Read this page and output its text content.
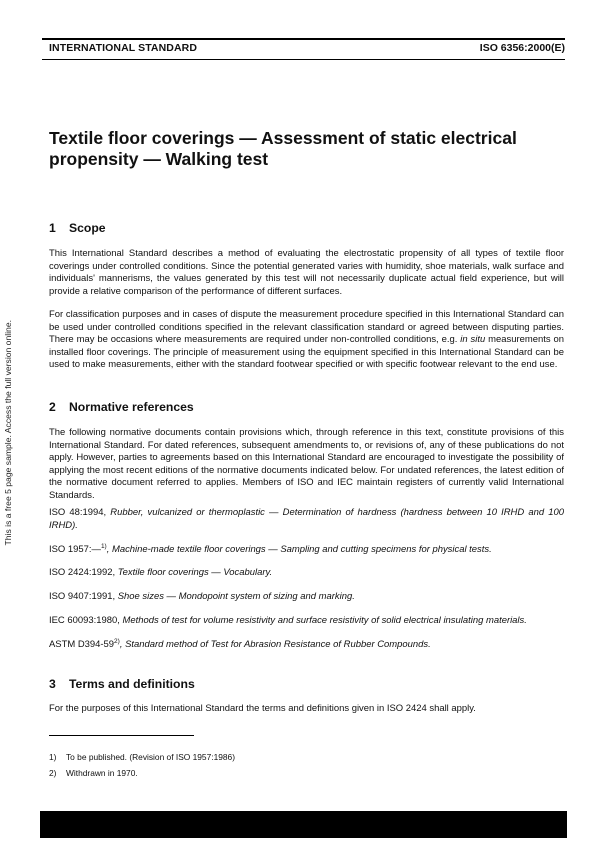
INTERNATIONAL STANDARD	ISO 6356:2000(E)
This is a free 5 page sample. Access the full version online.
Textile floor coverings — Assessment of static electrical
propensity — Walking test
1 Scope
This International Standard describes a method of evaluating the electrostatic propensity of all types of textile floor coverings under controlled conditions. Since the potential generated varies with humidity, shoe materials, walk surface and individuals' mannerisms, the values generated by this test will not necessarily duplicate actual field experience, but will provide a relative comparison of the performance of different surfaces.
For classification purposes and in cases of dispute the measurement procedure specified in this International Standard can be used under controlled conditions specified in the relevant classification standard or agreed between disputing parties. There may be occasions where measurements are required under non-controlled conditions, e.g. in situ measurements on installed floor coverings. The principle of measurement using the equipment specified in this International Standard can be used to make measurements, either with the standard footwear specified or with specific footwear relevant to the end use.
2 Normative references
The following normative documents contain provisions which, through reference in this text, constitute provisions of this International Standard. For dated references, subsequent amendments to, or revisions of, any of these publications do not apply. However, parties to agreements based on this International Standard are encouraged to investigate the possibility of applying the most recent editions of the normative documents indicated below. For undated references, the latest edition of the normative document referred to applies. Members of ISO and IEC maintain registers of currently valid International Standards.
ISO 48:1994, Rubber, vulcanized or thermoplastic — Determination of hardness (hardness between 10 IRHD and 100 IRHD).
ISO 1957:—$^{1)}$, Machine-made textile floor coverings — Sampling and cutting specimens for physical tests.
ISO 2424:1992, Textile floor coverings — Vocabulary.
ISO 9407:1991, Shoe sizes — Mondopoint system of sizing and marking.
IEC 60093:1980, Methods of test for volume resistivity and surface resistivity of solid electrical insulating materials.
ASTM D394-59$^{2)}$, Standard method of Test for Abrasion Resistance of Rubber Compounds.
3 Terms and definitions
For the purposes of this International Standard the terms and definitions given in ISO 2424 shall apply.
1) To be published. (Revision of ISO 1957:1986)
2) Withdrawn in 1970.
